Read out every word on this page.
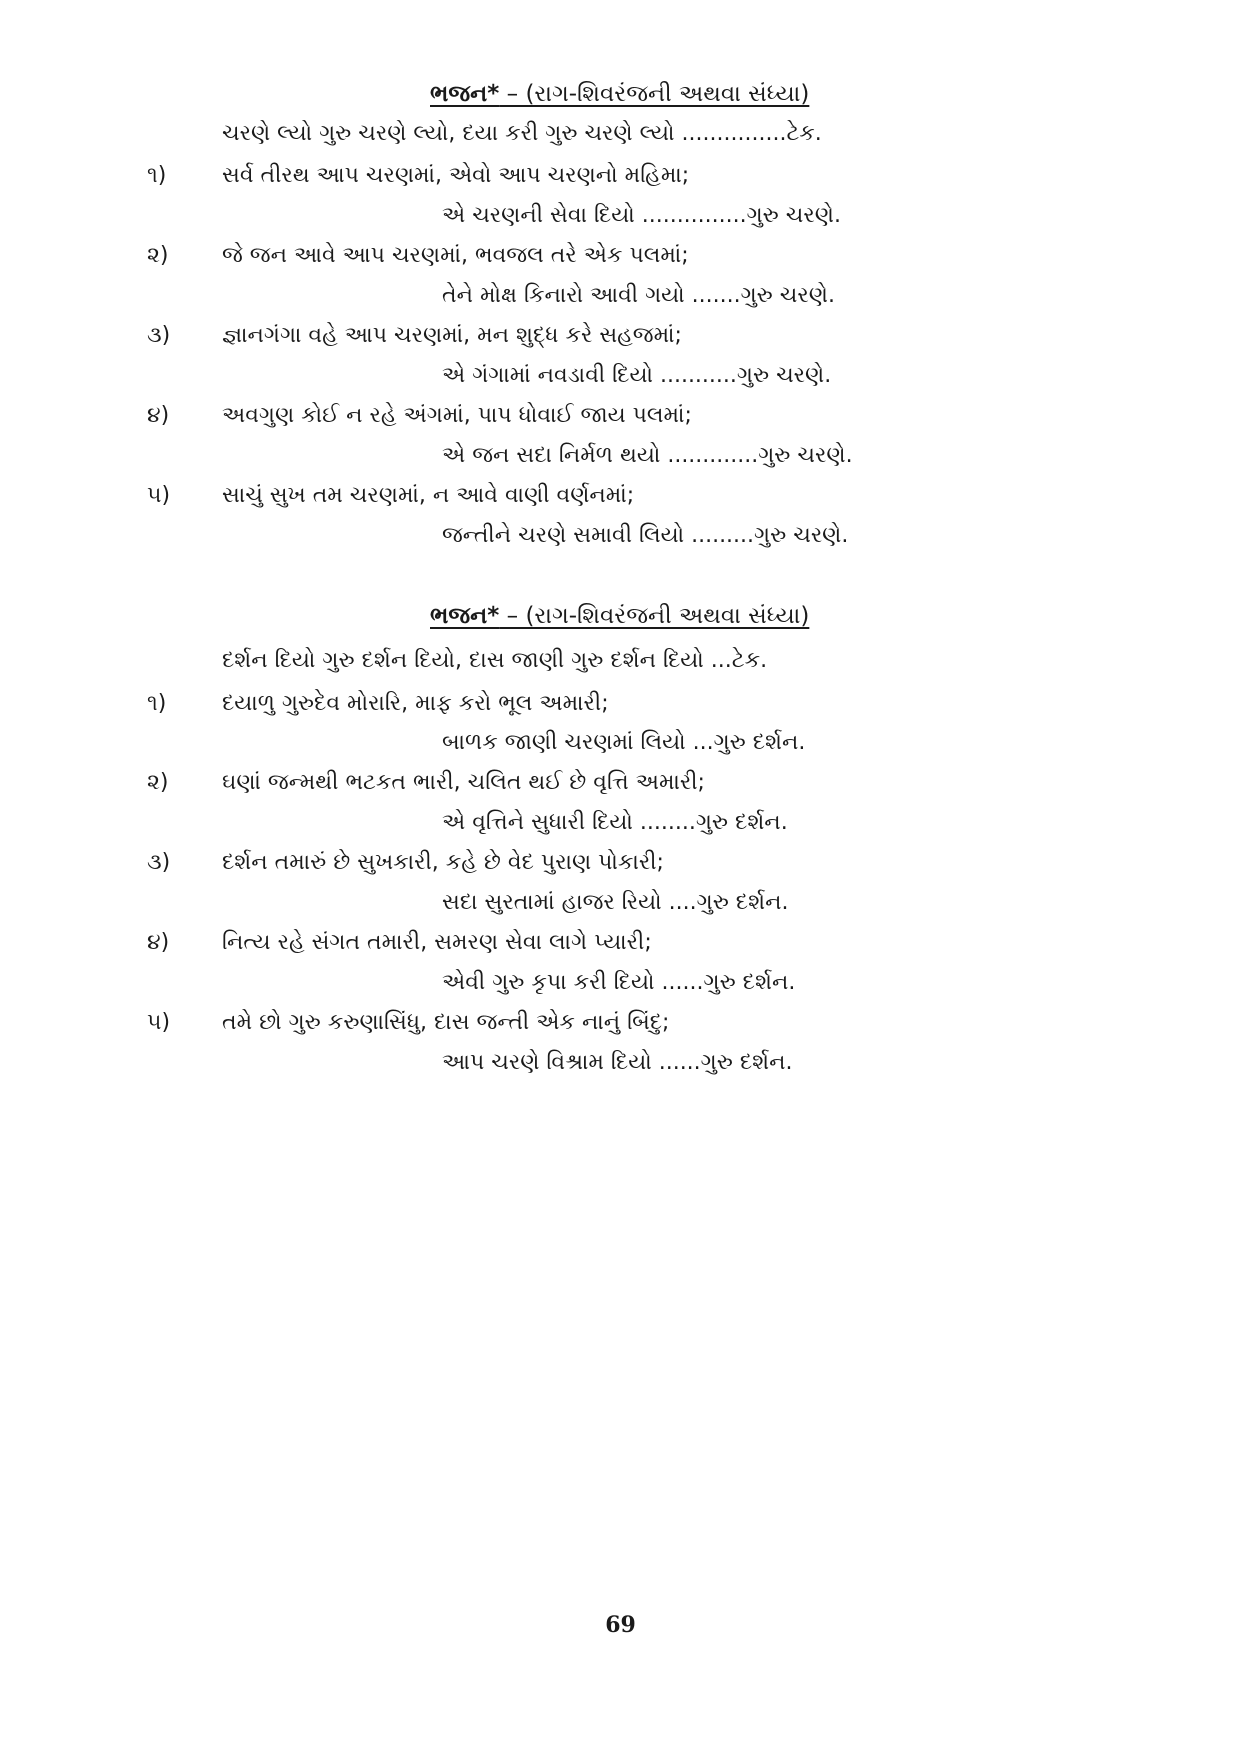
ભજન* – (રાગ-શિવરંજની અથવા સંધ્યા)
ચરણે લ્યો ગુરુ ચરણે લ્યો, દયા કરી ગુરુ ચરણે લ્યો ...............ટેક.
૧)	સર્વ તીરથ આપ ચરણમાં, એવો આપ ચરણનો મહિમા;
એ ચરણની સેવા દિયો ...............ગુરુ ચરણે.
૨) જે જન આવે આપ ચરણમાં, ભવજલ તરે એક પલમાં;
તેને મોક્ષ કિનારો આવી ગયો .......ગુરુ ચરણે.
૩) જ્ઞાનગંગા વહે આપ ચરણમાં, મન શુદ્ધ કરે સહજમાં;
એ ગંગામાં નવડાવી દિયો ...........ગુરુ ચરણે.
૪) અવગુણ કોઈ ન રહે અંગમાં, પાપ ધોવાઈ જાય પલમાં;
એ જન સદા નિર્મળ થયો .............ગુરુ ચરણે.
૫) સાચું સુખ તમ ચરણમાં, ન આવે વાણી વર્ણનમાં;
જન્તીને ચરણે સમાવી લિયો .........ગુરુ ચરણે.
ભજન* – (રાગ-શિવરંજની અથવા સંધ્યા)
દર્શન દિયો ગુરુ દર્શન દિયો, દાસ જાણી ગુરુ દર્શન દિયો ...ટેક.
૧)	દયાળુ ગુરુદેવ મોરારિ, માફ કરો ભૂલ અમારી;
બાળક જાણી ચરણમાં લિયો ...ગુરુ દર્શન.
૨) ઘણાં જન્મથી ભટકત ભારી, ચલિત થઈ છે વૃત્તિ અમારી;
એ વૃત્તિને સુધારી દિયો ........ગુરુ દર્શન.
૩) દર્શન તમારું છે સુખકારી, કહે છે વેદ પુરાણ પોકારી;
સદા સુરતામાં હાજર રિયો ....ગુરુ દર્શન.
૪) નિત્ય રહે સંગત તમારી, સમરણ સેવા લાગે પ્યારી;
એવી ગુરુ કૃપા કરી દિયો ......ગુરુ દર્શન.
૫) તમે છો ગુરુ કરુણાસિંધુ, દાસ જન્તી એક નાનું બિંદુ;
આપ ચરણે વિશ્રામ દિયો ......ગુરુ દર્શન.
69
